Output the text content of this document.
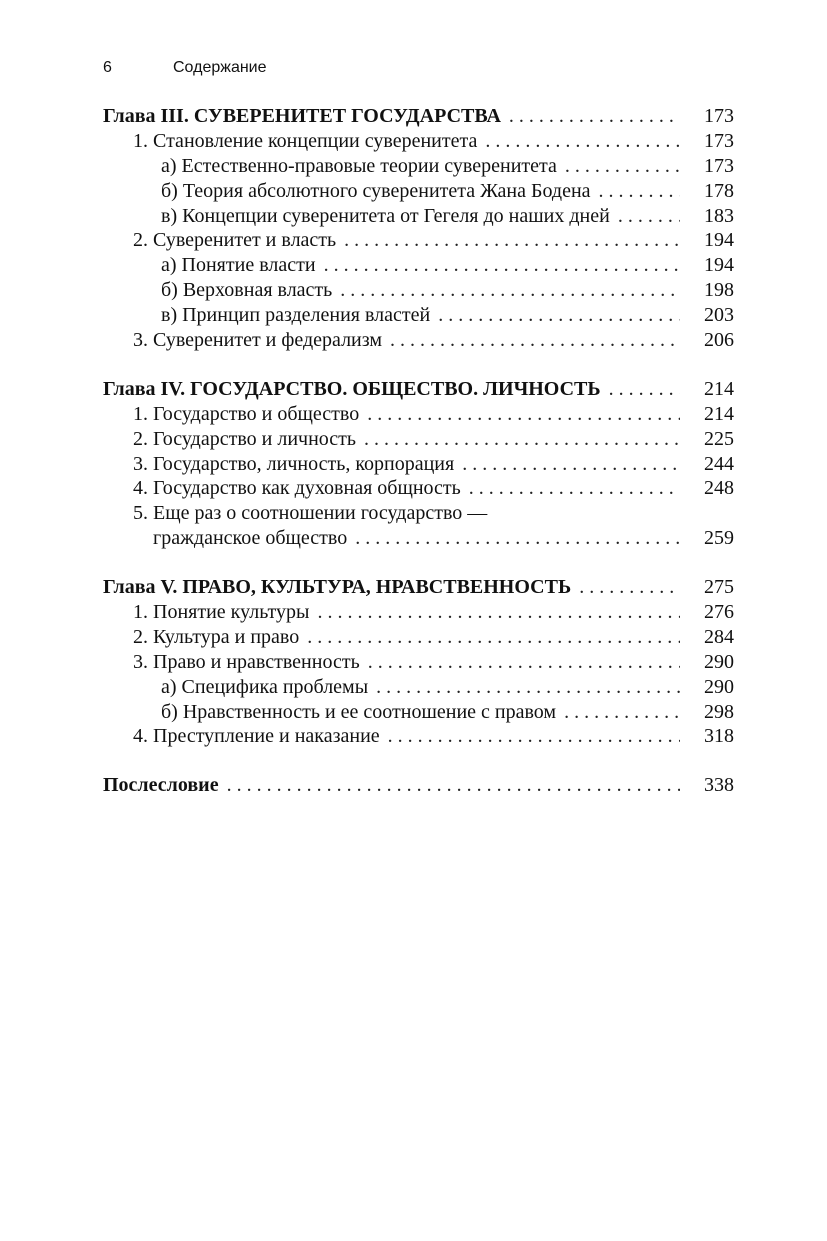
6	Содержание
Глава III. СУВЕРЕНИТЕТ ГОСУДАРСТВА . . .	173
1. Становление концепции суверенитета . . .	173
а) Естественно-правовые теории суверенитета . . .	173
б) Теория абсолютного суверенитета Жана Бодена . . .	178
в) Концепции суверенитета от Гегеля до наших дней . . .	183
2. Суверенитет и власть . . .	194
а) Понятие власти . . .	194
б) Верховная власть . . .	198
в) Принцип разделения властей . . .	203
3. Суверенитет и федерализм . . .	206
Глава IV. ГОСУДАРСТВО. ОБЩЕСТВО. ЛИЧНОСТЬ . . .	214
1. Государство и общество . . .	214
2. Государство и личность . . .	225
3. Государство, личность, корпорация . . .	244
4. Государство как духовная общность . . .	248
5. Еще раз о соотношении государство —
гражданское общество . . .	259
Глава V. ПРАВО, КУЛЬТУРА, НРАВСТВЕННОСТЬ . . .	275
1. Понятие культуры . . .	276
2. Культура и право . . .	284
3. Право и нравственность . . .	290
а) Специфика проблемы . . .	290
б) Нравственность и ее соотношение с правом . . .	298
4. Преступление и наказание . . .	318
Послесловие . . .	338
